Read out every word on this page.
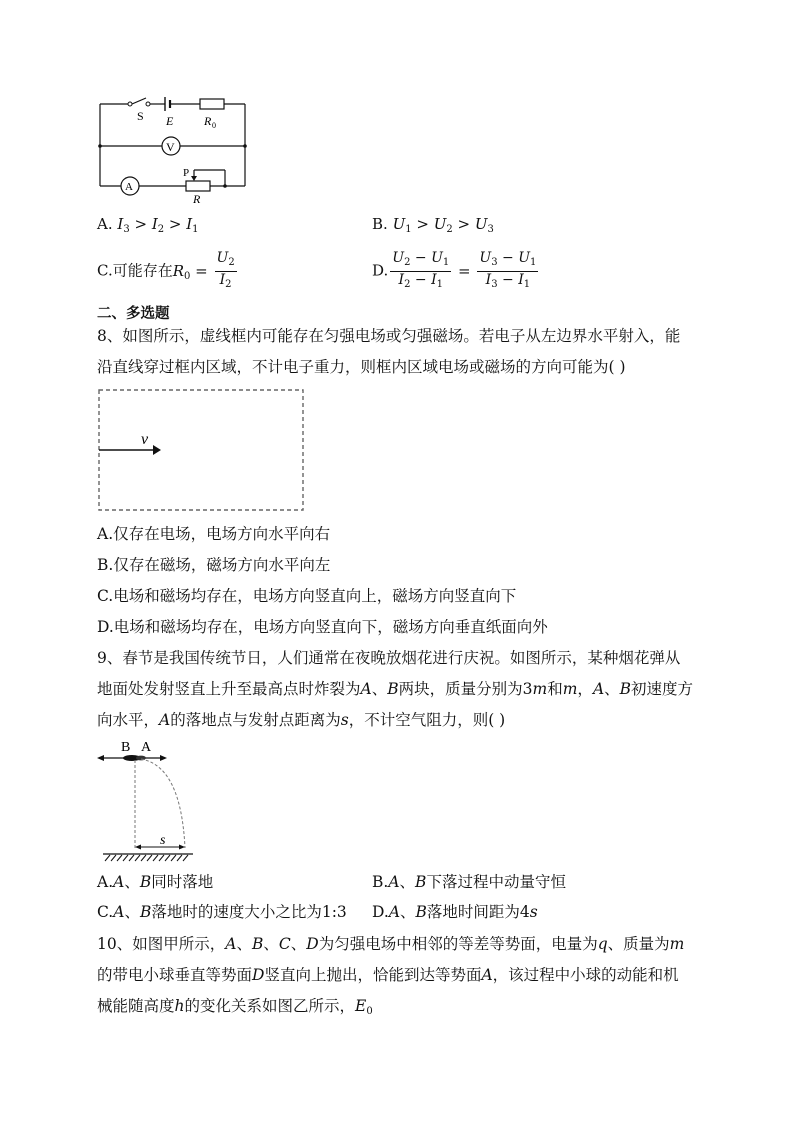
S E	R 0
V
A
P
R
A. $I_3 > I_2 > I_1$	B. $U_1 > U_2 > U_3$
C.可能存在$R_0 = \frac{U_2}{I_2}$	D. $\frac{U_2 - U_1}{I_2 - I_1} = \frac{U_3 - U_1}{I_3 - I_1}$
二、多选题
8、如图所示，虚线框内可能存在匀强电场或匀强磁场。若电子从左边界水平射入，能
沿直线穿过框内区域，不计电子重力，则框内区域电场或磁场的方向可能为( )
v
A.仅存在电场，电场方向水平向右
B.仅存在磁场，磁场方向水平向左
C.电场和磁场均存在，电场方向竖直向上，磁场方向竖直向下
D.电场和磁场均存在，电场方向竖直向下，磁场方向垂直纸面向外
9、春节是我国传统节日，人们通常在夜晚放烟花进行庆祝。如图所示，某种烟花弹从
地面处发射竖直上升至最高点时炸裂为A、B两块，质量分别为3m和m，A、B初速度方
向水平，A的落地点与发射点距离为s，不计空气阻力，则( )
B A
s
A.A、B同时落地	B.A、B下落过程中动量守恒
C.A、B落地时的速度大小之比为1:3 D.A、B落地时间距为4s
10、如图甲所示，A、B、C、D为匀强电场中相邻的等差等势面，电量为q、质量为m
的带电小球垂直等势面D竖直向上抛出，恰能到达等势面A，该过程中小球的动能和机
械能随高度h的变化关系如图乙所示，$E_0$
